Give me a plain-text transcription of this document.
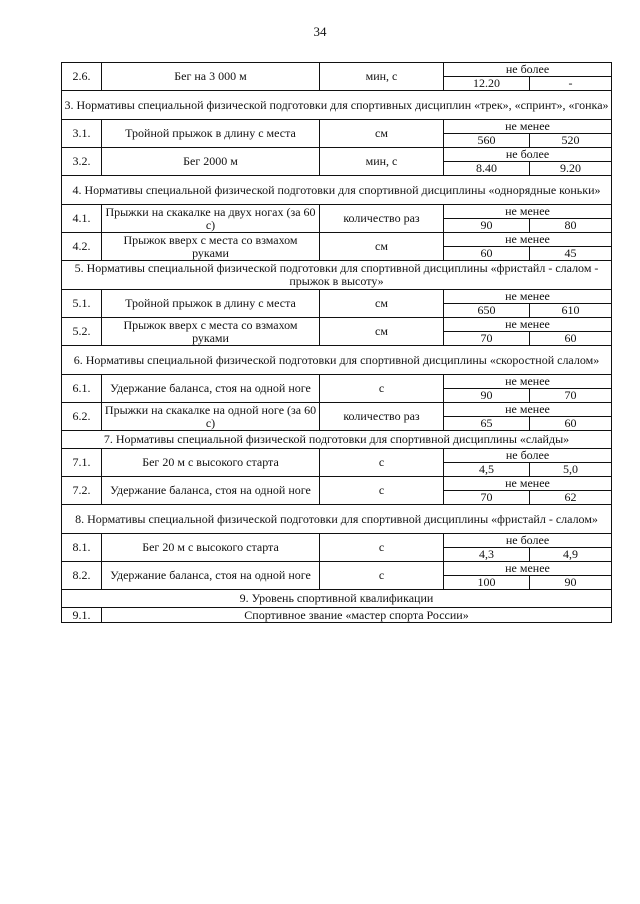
34
2.6.	Бег на 3 000 м	мин, с	не более	
			12.20	-
3. Нормативы специальной физической подготовки для спортивных дисциплин «трек», «спринт», «гонка»				
3.1.	Тройной прыжок в длину с места	см	не менее	
			560	520
3.2.	Бег 2000 м	мин, с	не более	
			8.40	9.20
4. Нормативы специальной физической подготовки для спортивной дисциплины «однорядные коньки»				
4.1.	Прыжки на скакалке на двух ногах (за 60 с)	количество раз	не менее	
			90	80
4.2.	Прыжок вверх с места со взмахом руками	см	не менее	
			60	45
5. Нормативы специальной физической подготовки для спортивной дисциплины «фристайл - слалом - прыжок в высоту»				
5.1.	Тройной прыжок в длину с места	см	не менее	
			650	610
5.2.	Прыжок вверх с места со взмахом руками	см	не менее	
			70	60
6. Нормативы специальной физической подготовки для спортивной дисциплины «скоростной слалом»				
6.1.	Удержание баланса, стоя на одной ноге	с	не менее	
			90	70
6.2.	Прыжки на скакалке на одной ноге (за 60 с)	количество раз	не менее	
			65	60
7. Нормативы специальной физической подготовки для спортивной дисциплины «слайды»				
7.1.	Бег 20 м с высокого старта	с	не более	
			4,5	5,0
7.2.	Удержание баланса, стоя на одной ноге	с	не менее	
			70	62
8. Нормативы специальной физической подготовки для спортивной дисциплины «фристайл - слалом»				
8.1.	Бег 20 м с высокого старта	с	не более	
			4,3	4,9
8.2.	Удержание баланса, стоя на одной ноге	с	не менее	
			100	90
9. Уровень спортивной квалификации				
9.1.	Спортивное звание «мастер спорта России»			
